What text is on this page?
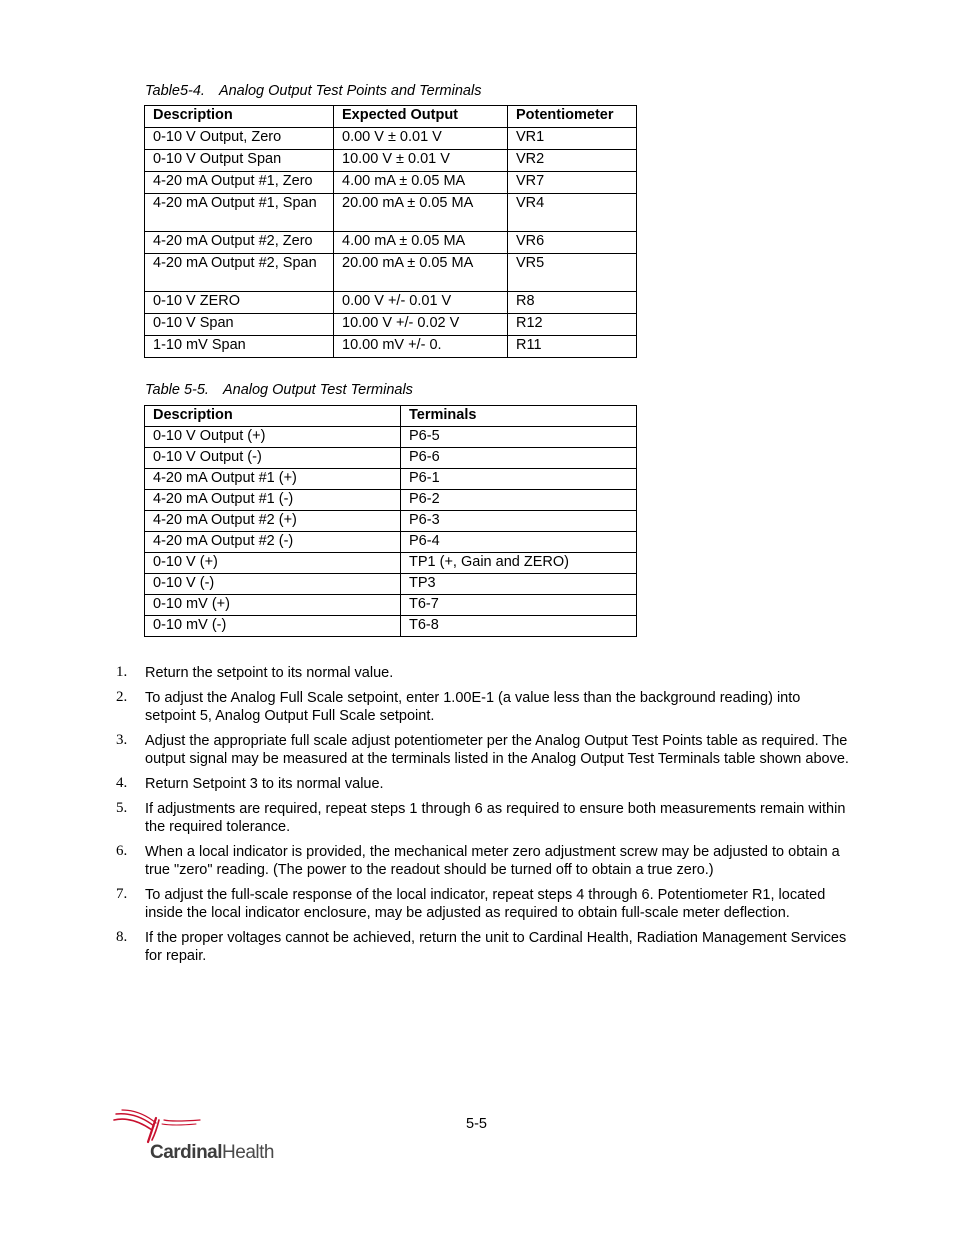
Table5-4. Analog Output Test Points and Terminals
Description	Expected Output	Potentiometer
0-10 V Output, Zero	0.00 V ± 0.01 V	VR1
0-10 V Output Span	10.00 V ± 0.01 V	VR2
4-20 mA Output #1, Zero	4.00 mA ± 0.05 MA	VR7
4-20 mA Output #1, Span	20.00 mA ± 0.05 MA	VR4
4-20 mA Output #2, Zero	4.00 mA ± 0.05 MA	VR6
4-20 mA Output #2, Span	20.00 mA ± 0.05 MA	VR5
0-10 V ZERO	0.00 V +/- 0.01 V	R8
0-10 V Span	10.00 V +/- 0.02 V	R12
1-10 mV Span	10.00 mV +/- 0.	R11
Table 5-5. Analog Output Test Terminals
Description	Terminals
0-10 V Output (+)	P6-5
0-10 V Output (-)	P6-6
4-20 mA Output #1 (+)	P6-1
4-20 mA Output #1 (-)	P6-2
4-20 mA Output #2 (+)	P6-3
4-20 mA Output #2 (-)	P6-4
0-10 V (+)	TP1 (+, Gain and ZERO)
0-10 V (-)	TP3
0-10 mV (+)	T6-7
0-10 mV (-)	T6-8
1. Return the setpoint to its normal value.
2. To adjust the Analog Full Scale setpoint, enter 1.00E-1 (a value less than the background reading) into setpoint 5, Analog Output Full Scale setpoint.
3. Adjust the appropriate full scale adjust potentiometer per the Analog Output Test Points table as required. The output signal may be measured at the terminals listed in the Analog Output Test Terminals table shown above.
4. Return Setpoint 3 to its normal value.
5. If adjustments are required, repeat steps 1 through 6 as required to ensure both measurements remain within the required tolerance.
6. When a local indicator is provided, the mechanical meter zero adjustment screw may be adjusted to obtain a true "zero" reading. (The power to the readout should be turned off to obtain a true zero.)
7. To adjust the full-scale response of the local indicator, repeat steps 4 through 6. Potentiometer R1, located inside the local indicator enclosure, may be adjusted as required to obtain full-scale meter deflection.
8. If the proper voltages cannot be achieved, return the unit to Cardinal Health, Radiation Management Services for repair.
5-5
CardinalHealth
